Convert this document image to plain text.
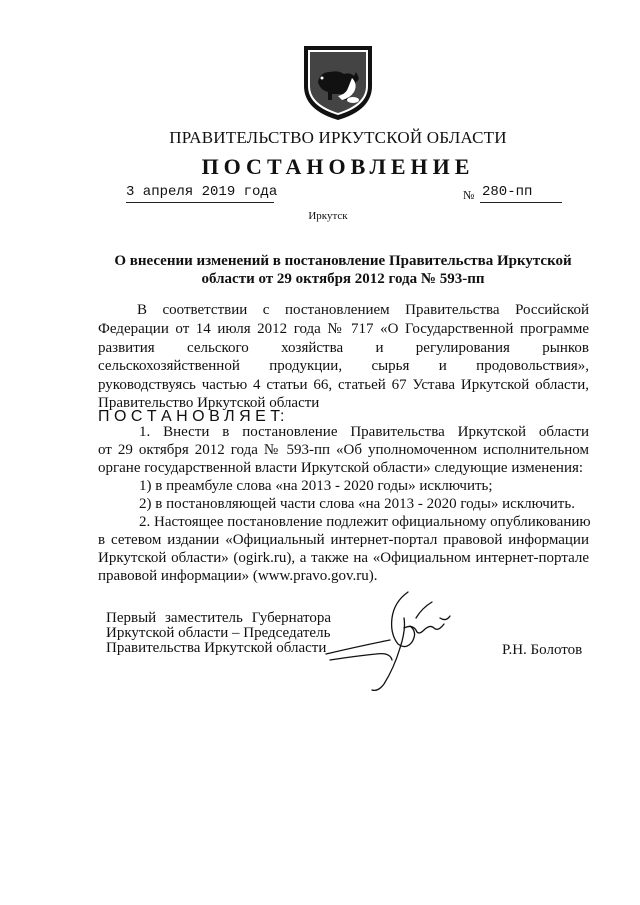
ПРАВИТЕЛЬСТВО ИРКУТСКОЙ ОБЛАСТИ
ПОСТАНОВЛЕНИЕ
3 апреля 2019 года	№ 280-пп
Иркутск
О внесении изменений в постановление Правительства Иркутской
области от 29 октября 2012 года № 593-пп
В соответствии с постановлением Правительства Российской
Федерации от 14 июля 2012 года № 717 «О Государственной программе
развития сельского хозяйства и регулирования рынков
сельскохозяйственной продукции, сырья и продовольствия»,
руководствуясь частью 4 статьи 66, статьей 67 Устава Иркутской области,
Правительство Иркутской области
П О С Т А Н О В Л Я Е Т:
1. Внести в постановление Правительства Иркутской области
от 29 октября 2012 года № 593-пп «Об уполномоченном исполнительном
органе государственной власти Иркутской области» следующие изменения:
1) в преамбуле слова «на 2013 - 2020 годы» исключить;
2) в постановляющей части слова «на 2013 - 2020 годы» исключить.
2. Настоящее постановление подлежит официальному опубликованию
в сетевом издании «Официальный интернет-портал правовой информации
Иркутской области» (ogirk.ru), а также на «Официальном интернет-портале
правовой информации» (www.pravo.gov.ru).
Первый заместитель Губернатора
Иркутской области – Председатель
Правительства Иркутской области	Р.Н. Болотов
